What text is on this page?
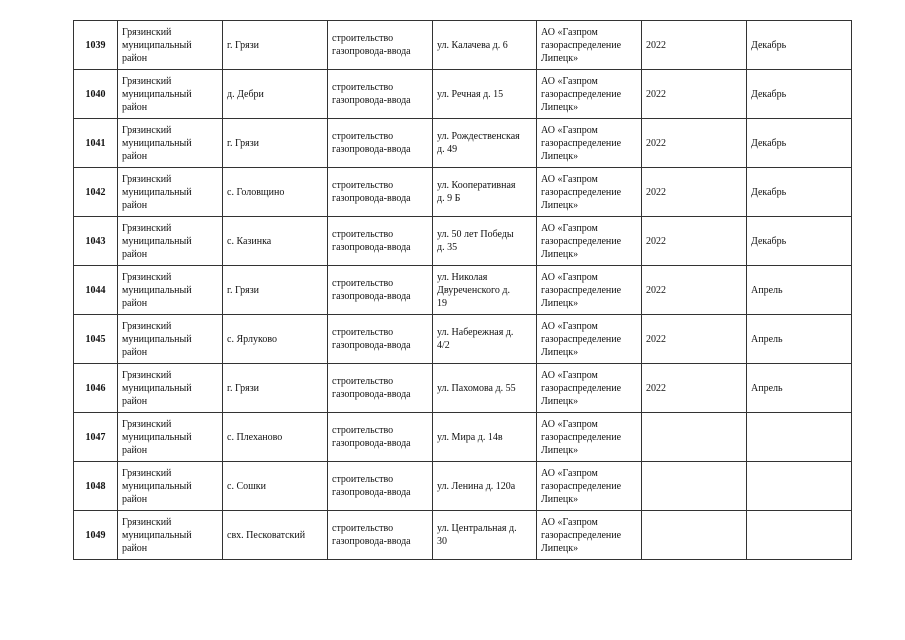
1039	Грязинский
муниципальный
район	г. Грязи	строительство
газопровода-ввода	ул. Калачева д. 6	АО «Газпром
газораспределение
Липецк»	2022	Декабрь
1040	Грязинский
муниципальный
район	д. Дебри	строительство
газопровода-ввода	ул. Речная д. 15	АО «Газпром
газораспределение
Липецк»	2022	Декабрь
1041	Грязинский
муниципальный
район	г. Грязи	строительство
газопровода-ввода	ул. Рождественская
д. 49	АО «Газпром
газораспределение
Липецк»	2022	Декабрь
1042	Грязинский
муниципальный
район	с. Головщино	строительство
газопровода-ввода	ул. Кооперативная
д. 9 Б	АО «Газпром
газораспределение
Липецк»	2022	Декабрь
1043	Грязинский
муниципальный
район	с. Казинка	строительство
газопровода-ввода	ул. 50 лет Победы
д. 35	АО «Газпром
газораспределение
Липецк»	2022	Декабрь
1044	Грязинский
муниципальный
район	г. Грязи	строительство
газопровода-ввода	ул. Николая
Двуреченского д.
19	АО «Газпром
газораспределение
Липецк»	2022	Апрель
1045	Грязинский
муниципальный
район	с. Ярлуково	строительство
газопровода-ввода	ул. Набережная д.
4/2	АО «Газпром
газораспределение
Липецк»	2022	Апрель
1046	Грязинский
муниципальный
район	г. Грязи	строительство
газопровода-ввода	ул. Пахомова д. 55	АО «Газпром
газораспределение
Липецк»	2022	Апрель
1047	Грязинский
муниципальный
район	с. Плеханово	строительство
газопровода-ввода	ул. Мира д. 14в	АО «Газпром
газораспределение
Липецк»		
1048	Грязинский
муниципальный
район	с. Сошки	строительство
газопровода-ввода	ул. Ленина д. 120а	АО «Газпром
газораспределение
Липецк»		
1049	Грязинский
муниципальный
район	свх. Песковатский	строительство
газопровода-ввода	ул. Центральная д.
30	АО «Газпром
газораспределение
Липецк»		
